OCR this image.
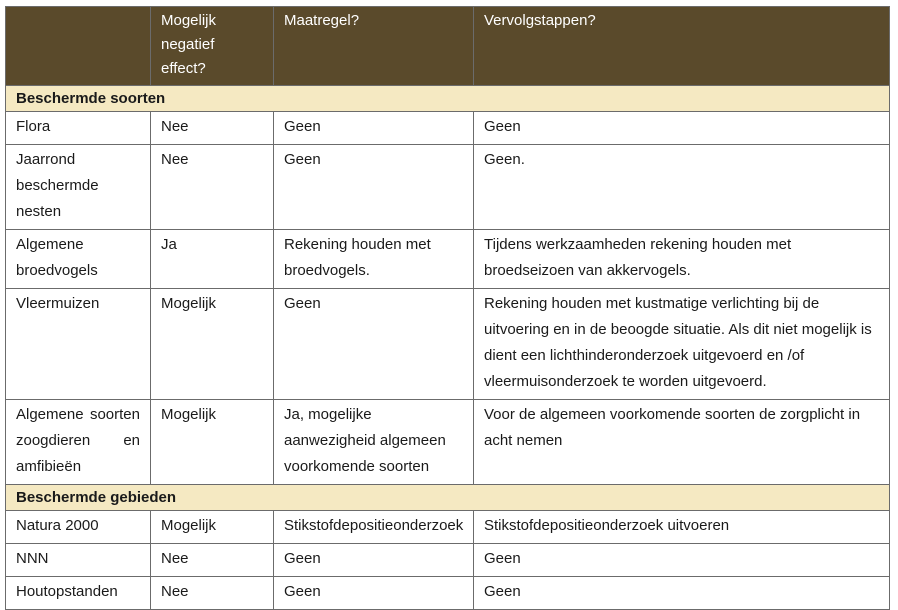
	Mogelijk negatief effect?	Maatregel?	Vervolgstappen?
Beschermde soorten			
Flora	Nee	Geen	Geen
Jaarrond beschermde nesten	Nee	Geen	Geen.
Algemene broedvogels	Ja	Rekening houden met broedvogels.	Tijdens werkzaamheden rekening houden met broedseizoen van akkervogels.
Vleermuizen	Mogelijk	Geen	Rekening houden met kustmatige verlichting bij de uitvoering en in de beoogde situatie. Als dit niet mogelijk is dient een lichthinderonderzoek uitgevoerd en /of vleermuisonderzoek te worden uitgevoerd.
Algemene soorten zoogdieren en amfibieën	Mogelijk	Ja, mogelijke aanwezigheid algemeen voorkomende soorten	Voor de algemeen voorkomende soorten de zorgplicht in acht nemen
Beschermde gebieden			
Natura 2000	Mogelijk	Stikstofdepositieonderzoek	Stikstofdepositieonderzoek uitvoeren
NNN	Nee	Geen	Geen
Houtopstanden	Nee	Geen	Geen
